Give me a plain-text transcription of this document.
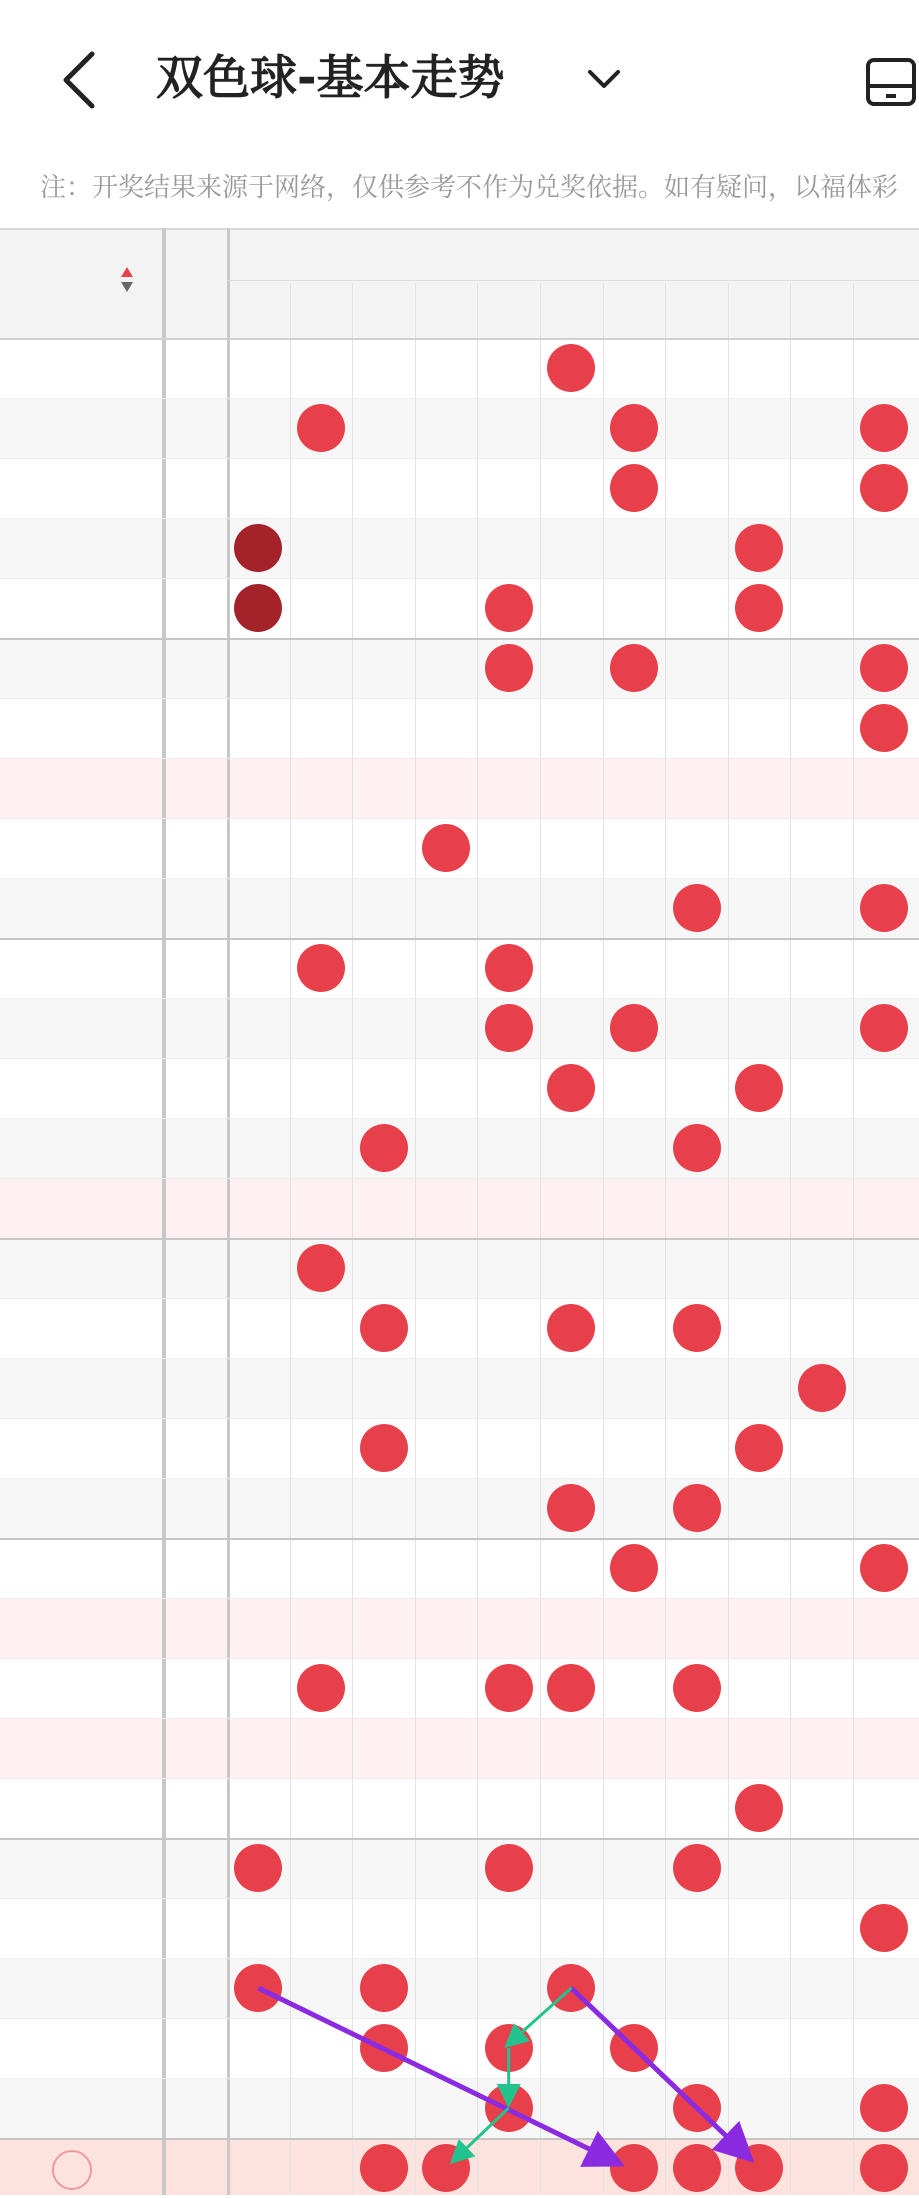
双色球-基本走势
注：开奖结果来源于网络，仅供参考不作为兑奖依据。如有疑问，以福体彩
